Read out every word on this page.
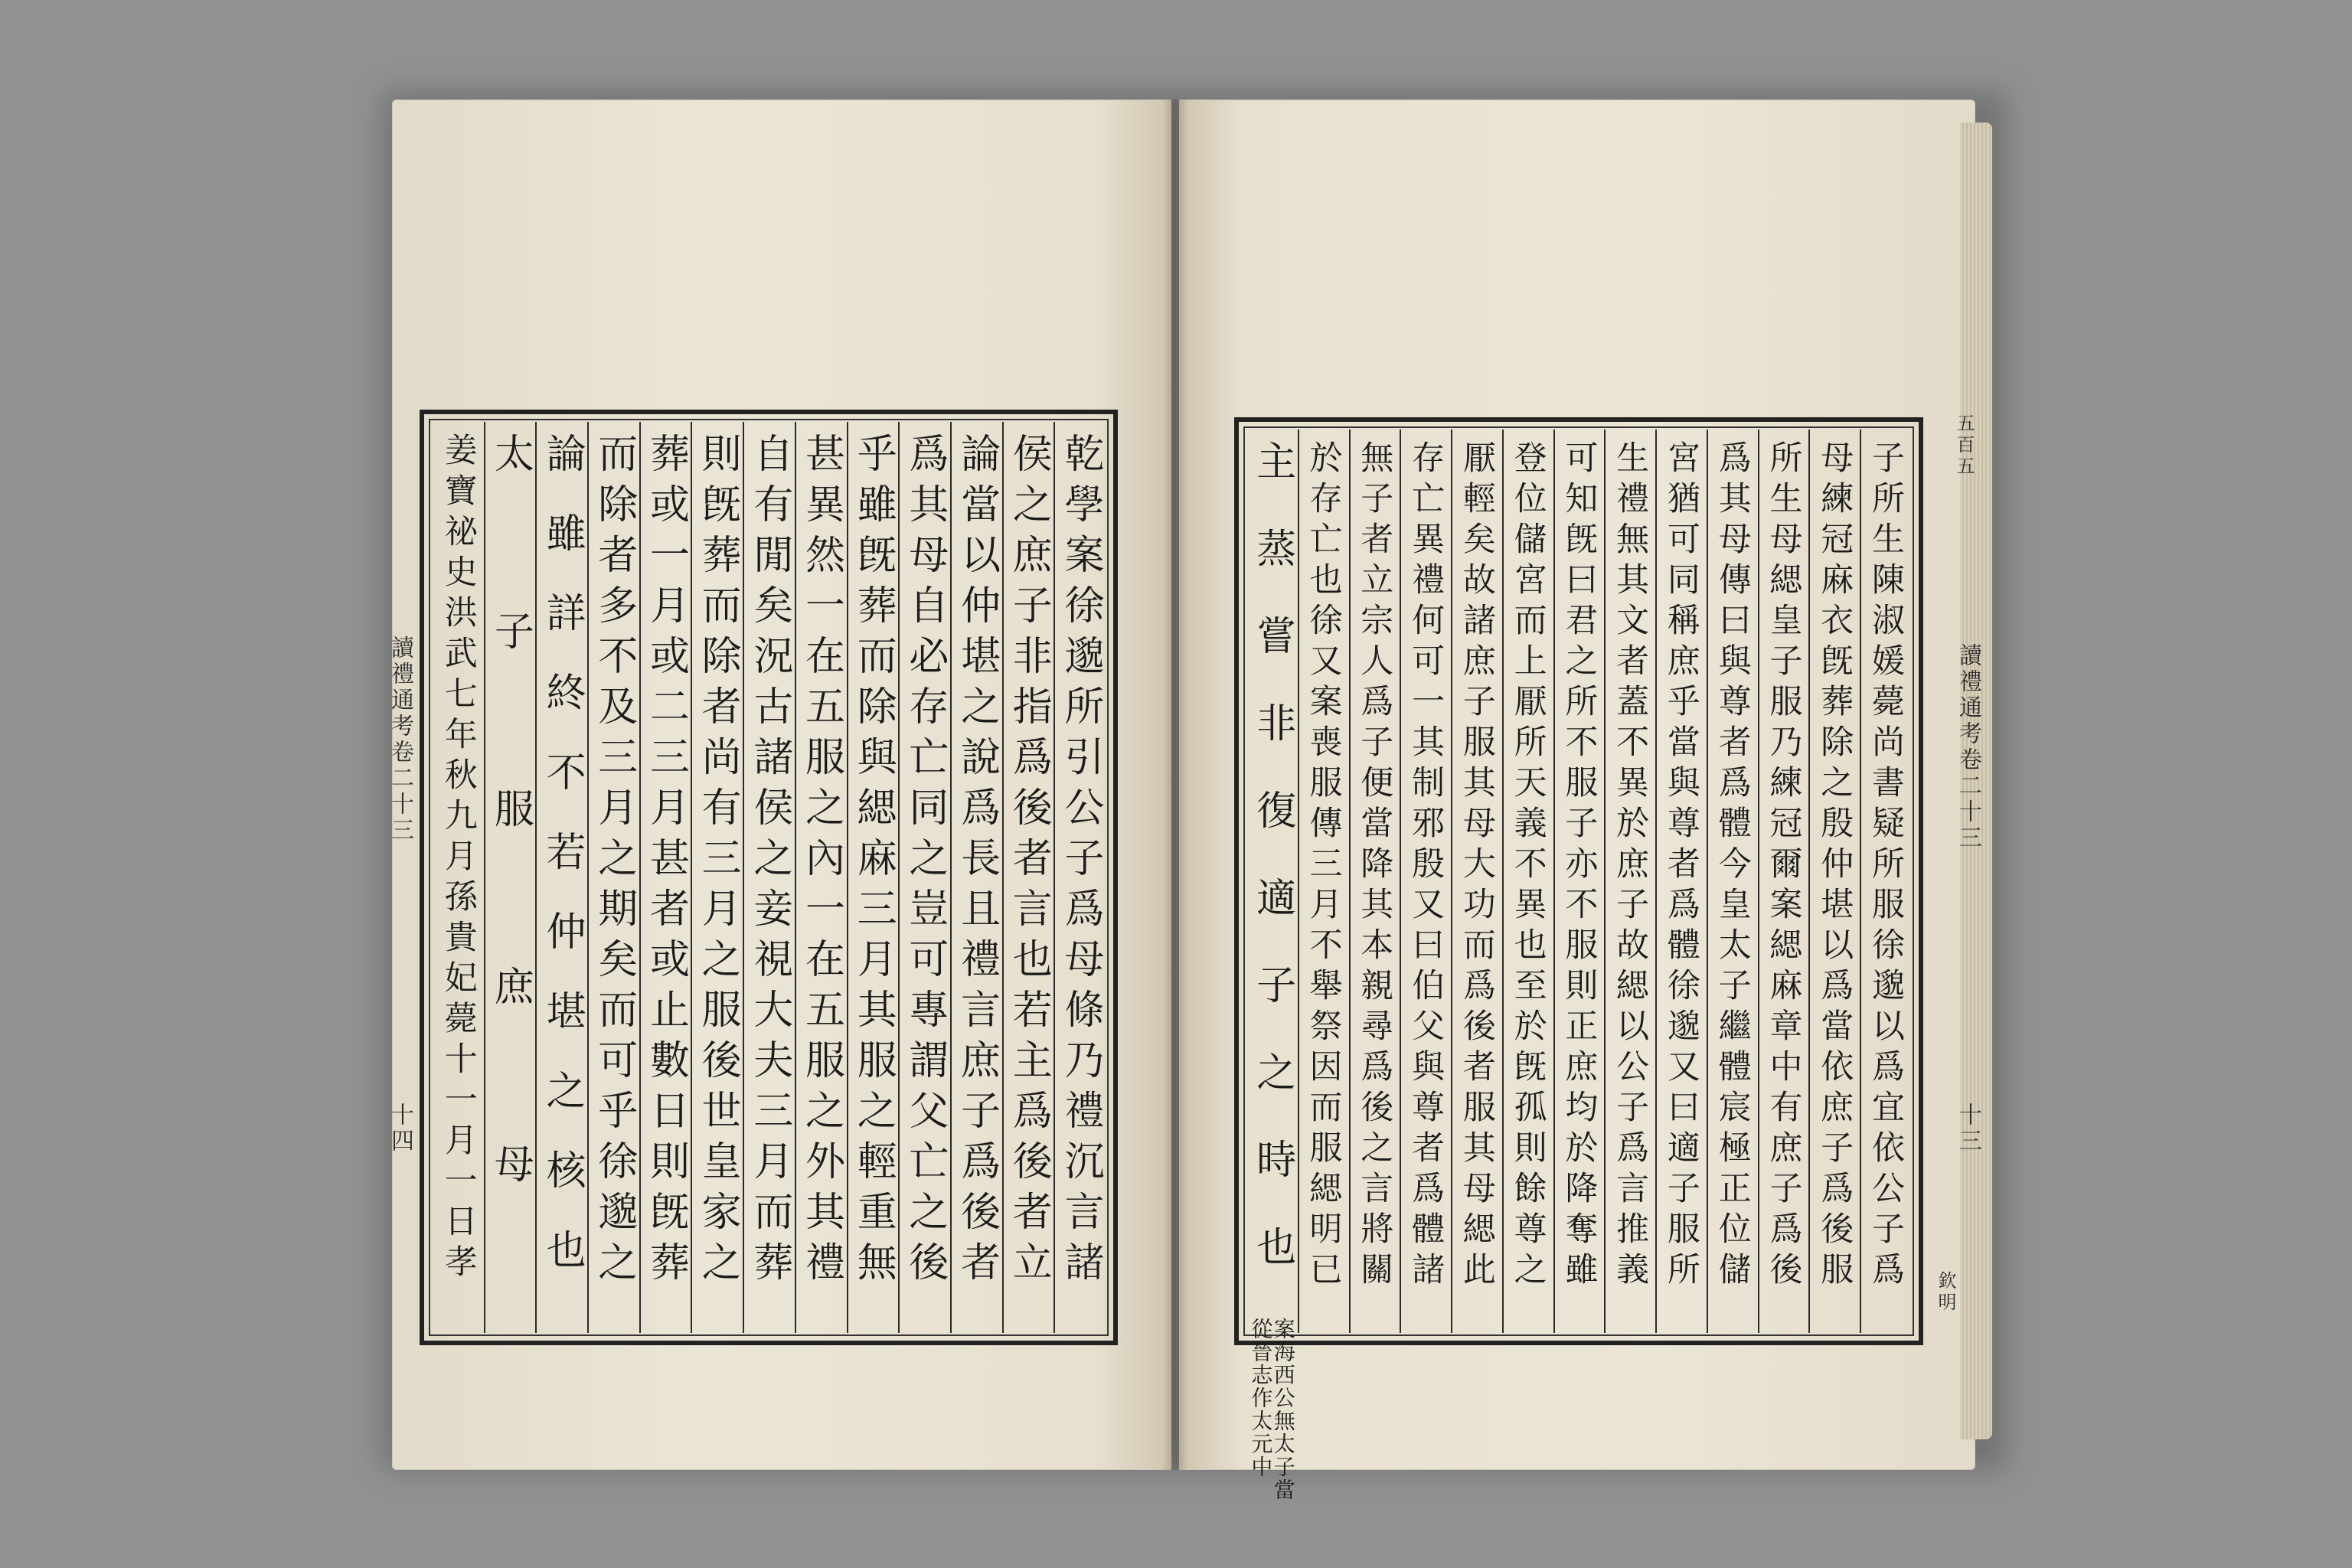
乾學案徐邈所引公子爲母條乃禮沉言諸
侯之庶子非指爲後者言也若主爲後者立
論當以仲堪之說爲長且禮言庶子爲後者
爲其母自必存亡同之豈可專謂父亡之後
乎雖旣葬而除與緦麻三月其服之輕重無
甚異然一在五服之內一在五服之外其禮
自有閒矣況古諸侯之妾視大夫三月而葬
則旣葬而除者尚有三月之服後世皇家之
葬或一月或二三月甚者或止數日則旣葬
而除者多不及三月之期矣而可乎徐邈之
論雖詳終不若仲堪之核也
太子服庶母
姜寶祕史洪武七年秋九月孫貴妃薨十一月一日孝
讀禮通考卷二十三
十四	子所生陳淑媛薨尚書疑所服徐邈以爲宜依公子爲
母練冠麻衣旣葬除之殷仲堪以爲當依庶子爲後服
所生母緦皇子服乃練冠爾案緦麻章中有庶子爲後
爲其母傳曰與尊者爲體今皇太子繼體宸極正位儲
宮猶可同稱庶乎當與尊者爲體徐邈又曰適子服所
生禮無其文者蓋不異於庶子故緦以公子爲言推義
可知旣曰君之所不服子亦不服則正庶均於降奪雖
登位儲宮而上厭所天義不異也至於旣孤則餘尊之
厭輕矣故諸庶子服其母大功而爲後者服其母緦此
存亡異禮何可一其制邪殷又曰伯父與尊者爲體諸
無子者立宗人爲子便當降其本親尋爲後之言將關
於存亡也徐又案喪服傳三月不舉祭因而服緦明已
主蒸嘗非復適子之時也
案海西公無太子當
從晉志作太元中
五百五
讀禮通考卷二十三
十三
欽明
